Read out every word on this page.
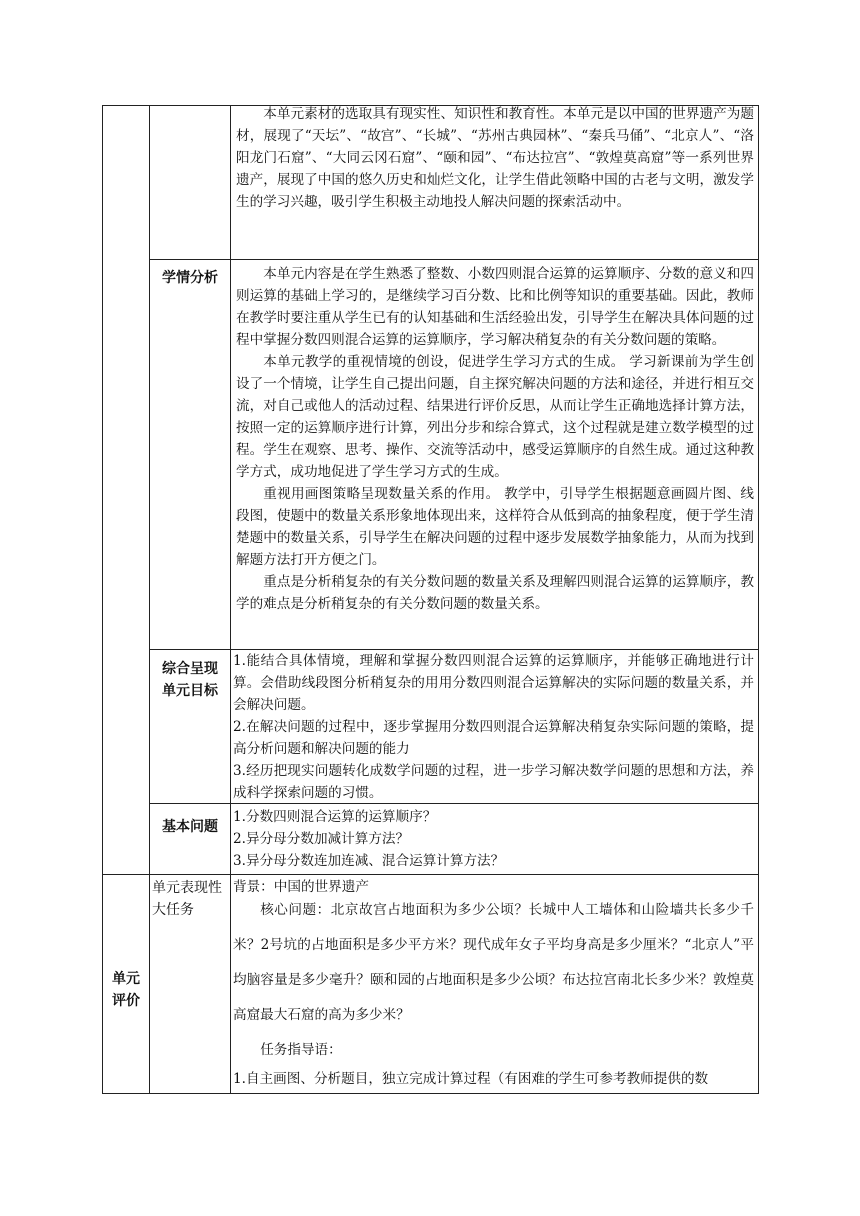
本单元素材的选取具有现实性、知识性和教育性。本单元是以中国的世界遗产为题材，展现了“天坛”、“故宫”、“长城”、“苏州古典园林”、“秦兵马俑”、“北京人”、“洛阳龙门石窟”、“大同云冈石窟”、“颐和园”、“布达拉宫”、“敦煌莫高窟”等一系列世界遗产，展现了中国的悠久历史和灿烂文化，让学生借此领略中国的古老与文明，激发学生的学习兴趣，吸引学生积极主动地投人解决问题的探索活动中。

学情分析	本单元内容是在学生熟悉了整数、小数四则混合运算的运算顺序、分数的意义和四则运算的基础上学习的，是继续学习百分数、比和比例等知识的重要基础。因此，教师在教学时要注重从学生已有的认知基础和生活经验出发，引导学生在解决具体问题的过程中掌握分数四则混合运算的运算顺序，学习解决稍复杂的有关分数问题的策略。

本单元教学的重视情境的创设，促进学生学习方式的生成。 学习新课前为学生创设了一个情境，让学生自己提出问题，自主探究解决问题的方法和途径，并进行相互交流，对自己或他人的活动过程、结果进行评价反思，从而让学生正确地选择计算方法，按照一定的运算顺序进行计算，列出分步和综合算式，这个过程就是建立数学模型的过程。学生在观察、思考、操作、交流等活动中，感受运算顺序的自然生成。通过这种教学方式，成功地促进了学生学习方式的生成。

重视用画图策略呈现数量关系的作用。 教学中，引导学生根据题意画圆片图、线段图，使题中的数量关系形象地体现出来，这样符合从低到高的抽象程度，便于学生清楚题中的数量关系，引导学生在解决问题的过程中逐步发展数学抽象能力，从而为找到解题方法打开方便之门。

重点是分析稍复杂的有关分数问题的数量关系及理解四则混合运算的运算顺序，教学的难点是分析稍复杂的有关分数问题的数量关系。

综合呈现
单元目标

1.能结合具体情境，理解和掌握分数四则混合运算的运算顺序，并能够正确地进行计算。会借助线段图分析稍复杂的用用分数四则混合运算解决的实际问题的数量关系，并会解决问题。

2.在解决问题的过程中，逐步掌握用分数四则混合运算解决稍复杂实际问题的策略，提高分析问题和解决问题的能力

3.经历把现实问题转化成数学问题的过程，进一步学习解决数学问题的思想和方法，养成科学探索问题的习惯。

基本问题

1.分数四则混合运算的运算顺序？

2.异分母分数加减计算方法？

3.异分母分数连加连减、混合运算计算方法？

单元
评价
单元表现性
大任务

背景：中国的世界遗产

核心问题：北京故宫占地面积为多少公顷？长城中人工墙体和山险墙共长多少千米？2号坑的占地面积是多少平方米？现代成年女子平均身高是多少厘米？“北京人”平均脑容量是多少毫升？颐和园的占地面积是多少公顷？布达拉宫南北长多少米？敦煌莫高窟最大石窟的高为多少米？

任务指导语：

1.自主画图、分析题目，独立完成计算过程（有困难的学生可参考教师提供的数
